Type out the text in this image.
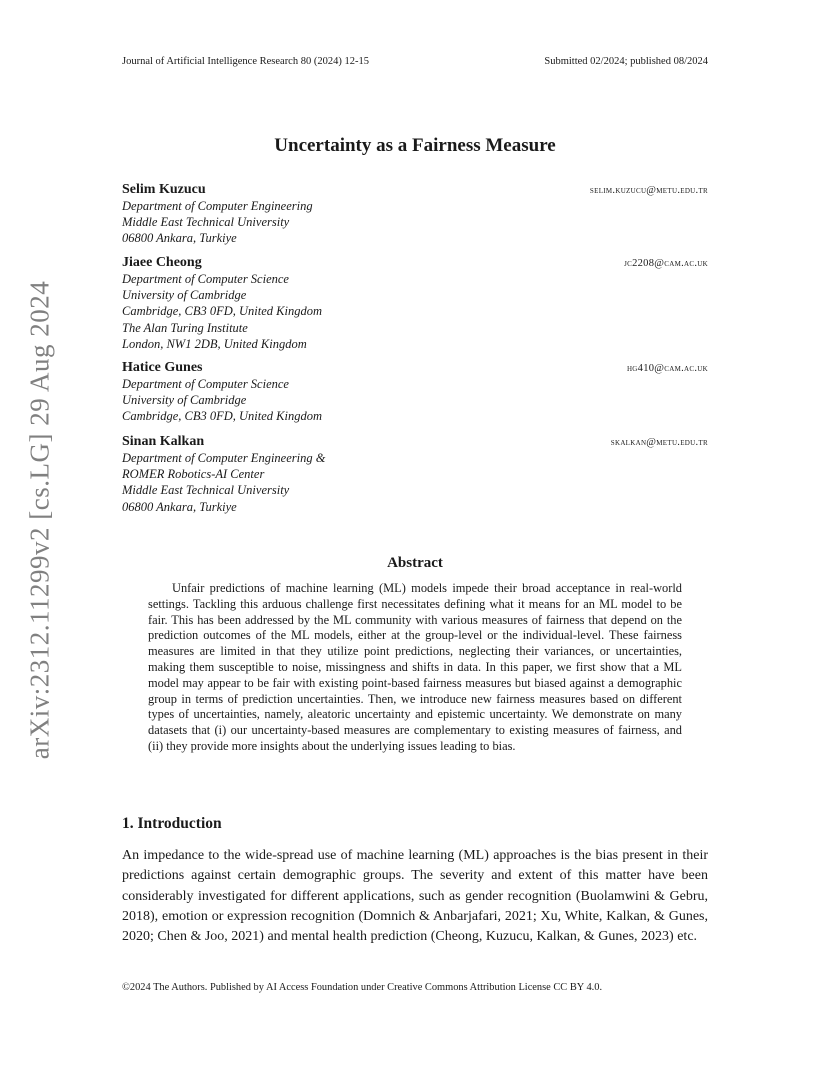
arXiv:2312.11299v2 [cs.LG] 29 Aug 2024
Journal of Artificial Intelligence Research 80 (2024) 12-15	Submitted 02/2024; published 08/2024
Uncertainty as a Fairness Measure
Selim Kuzucu	selim.kuzucu@metu.edu.tr
Department of Computer Engineering
Middle East Technical University
06800 Ankara, Turkiye
Jiaee Cheong	jc2208@cam.ac.uk
Department of Computer Science
University of Cambridge
Cambridge, CB3 0FD, United Kingdom
The Alan Turing Institute
London, NW1 2DB, United Kingdom
Hatice Gunes	hg410@cam.ac.uk
Department of Computer Science
University of Cambridge
Cambridge, CB3 0FD, United Kingdom
Sinan Kalkan	skalkan@metu.edu.tr
Department of Computer Engineering &
ROMER Robotics-AI Center
Middle East Technical University
06800 Ankara, Turkiye
Abstract
Unfair predictions of machine learning (ML) models impede their broad acceptance in real-world settings. Tackling this arduous challenge first necessitates defining what it means for an ML model to be fair. This has been addressed by the ML community with various measures of fairness that depend on the prediction outcomes of the ML models, either at the group-level or the individual-level. These fairness measures are limited in that they utilize point predictions, neglecting their variances, or uncertainties, making them susceptible to noise, missingness and shifts in data. In this paper, we first show that a ML model may appear to be fair with existing point-based fairness measures but biased against a demographic group in terms of prediction uncertainties. Then, we introduce new fairness measures based on different types of uncertainties, namely, aleatoric uncertainty and epistemic uncertainty. We demonstrate on many datasets that (i) our uncertainty-based measures are complementary to existing measures of fairness, and (ii) they provide more insights about the underlying issues leading to bias.
1. Introduction
An impedance to the wide-spread use of machine learning (ML) approaches is the bias present in their predictions against certain demographic groups. The severity and extent of this matter have been considerably investigated for different applications, such as gender recognition (Buolamwini & Gebru, 2018), emotion or expression recognition (Domnich & Anbarjafari, 2021; Xu, White, Kalkan, & Gunes, 2020; Chen & Joo, 2021) and mental health prediction (Cheong, Kuzucu, Kalkan, & Gunes, 2023) etc.
©2024 The Authors. Published by AI Access Foundation under Creative Commons Attribution License CC BY 4.0.
